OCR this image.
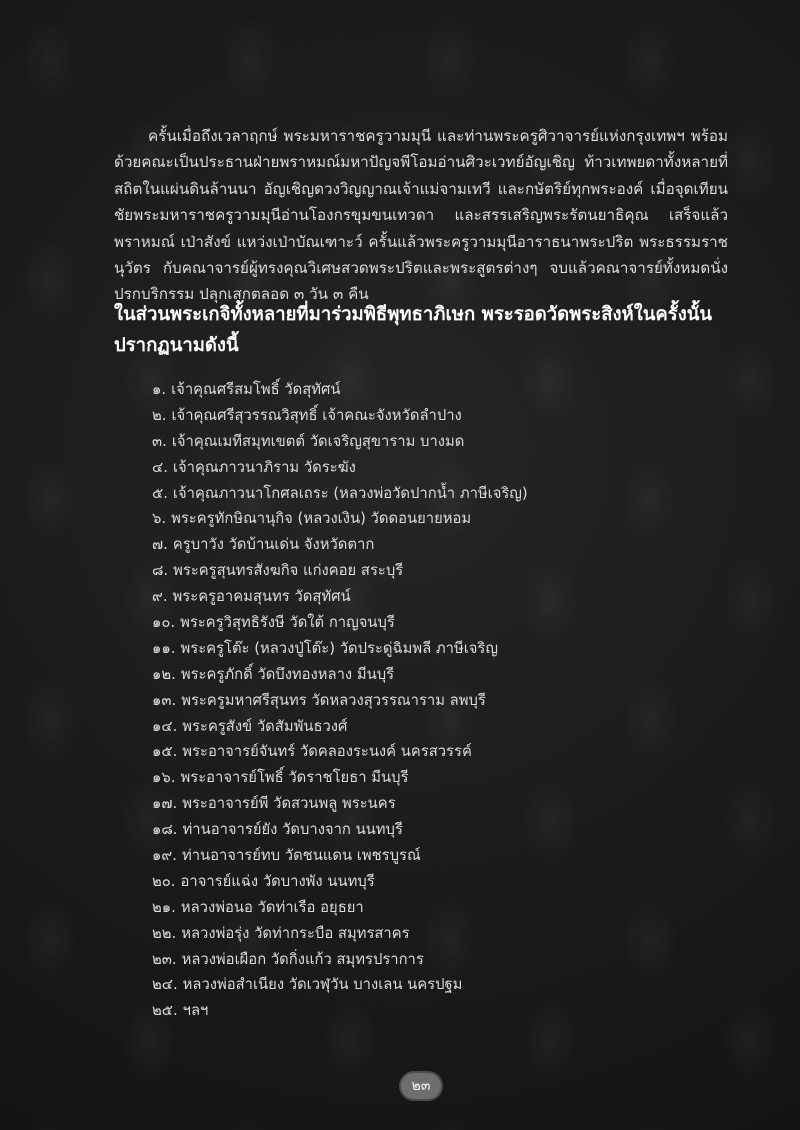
ครั้นเมื่อถึงเวลาฤกษ์ พระมหาราชครูวามมุนี และท่านพระครูศิวาจารย์แห่งกรุงเทพฯ พร้อมด้วยคณะเป็นประธานฝ่ายพราหมณ์มหาปัญจพีโอมอ่านศิวะเวทย์อัญเชิญ ท้าวเทพยดาทั้งหลายที่สถิตในแผ่นดินล้านนา อัญเชิญดวงวิญญาณเจ้าแม่จามเทวี และกษัตริย์ทุกพระองค์ เมื่อจุดเทียนชัยพระมหาราชครูวามมุนีอ่านโองกรขุมขนเทวดา และสรรเสริญพระรัตนยาธิคุณ เสร็จแล้วพราหมณ์ เป่าสังข์ แหว่งเป่าบัณเฑาะว์ ครั้นแล้วพระครูวามมุนีอาราธนาพระปริต พระธรรมราชนุวัตร กับคณาจารย์ผู้ทรงคุณวิเศษสวดพระปริตและพระสูตรต่างๆ จบแล้วคณาจารย์ทั้งหมดนั่งปรกบริกรรม ปลุกเสกตลอด ๓ วัน ๓ คืน

ในส่วนพระเกจิทั้งหลายที่มาร่วมพิธีพุทธาภิเษก พระรอดวัดพระสิงห์ในครั้งนั้นปรากฏนามดังนี้
๑. เจ้าคุณศรีสมโพธิ์ วัดสุทัศน์
๒. เจ้าคุณศรีสุวรรณวิสุทธิ์ เจ้าคณะจังหวัดลำปาง
๓. เจ้าคุณเมทีสมุทเขตต์ วัดเจริญสุขาราม บางมด
๔. เจ้าคุณภาวนาภิราม วัดระฆัง
๕. เจ้าคุณภาวนาโกศลเถระ (หลวงพ่อวัดปากน้ำ ภาษีเจริญ)
๖. พระครูทักษิณานุกิจ (หลวงเงิน) วัดดอนยายหอม
๗. ครูบาวัง วัดบ้านเด่น จังหวัดตาก
๘. พระครูสุนทรสังฆกิจ แก่งคอย สระบุรี
๙. พระครูอาคมสุนทร วัดสุทัศน์
๑๐. พระครูวิสุทธิรังษี วัดใต้ กาญจนบุรี
๑๑. พระครูโต๊ะ (หลวงปู่โต๊ะ) วัดประดู่ฉิมพลี ภาษีเจริญ
๑๒. พระครูภักดิ์ วัดบึงทองหลาง มีนบุรี
๑๓. พระครูมหาศรีสุนทร วัดหลวงสุวรรณาราม ลพบุรี
๑๔. พระครูสังข์ วัดสัมพันธวงศ์
๑๕. พระอาจารย์จันทร์ วัดคลองระนงค์ นครสวรรค์
๑๖. พระอาจารย์โพธิ์ วัดราชโยธา มีนบุรี
๑๗. พระอาจารย์พี วัดสวนพลู พระนคร
๑๘. ท่านอาจารย์ยัง วัดบางจาก นนทบุรี
๑๙. ท่านอาจารย์ทบ วัดชนแดน เพชรบูรณ์
๒๐. อาจารย์แฉ่ง วัดบางพัง นนทบุรี
๒๑. หลวงพ่อนอ วัดท่าเรือ อยุธยา
๒๒. หลวงพ่อรุ่ง วัดท่ากระบือ สมุทรสาคร
๒๓. หลวงพ่อเผือก วัดกิ่งแก้ว สมุทรปราการ
๒๔. หลวงพ่อสำเนียง วัดเวฬุวัน บางเลน นครปฐม
๒๕. ฯลฯ
๒๓
